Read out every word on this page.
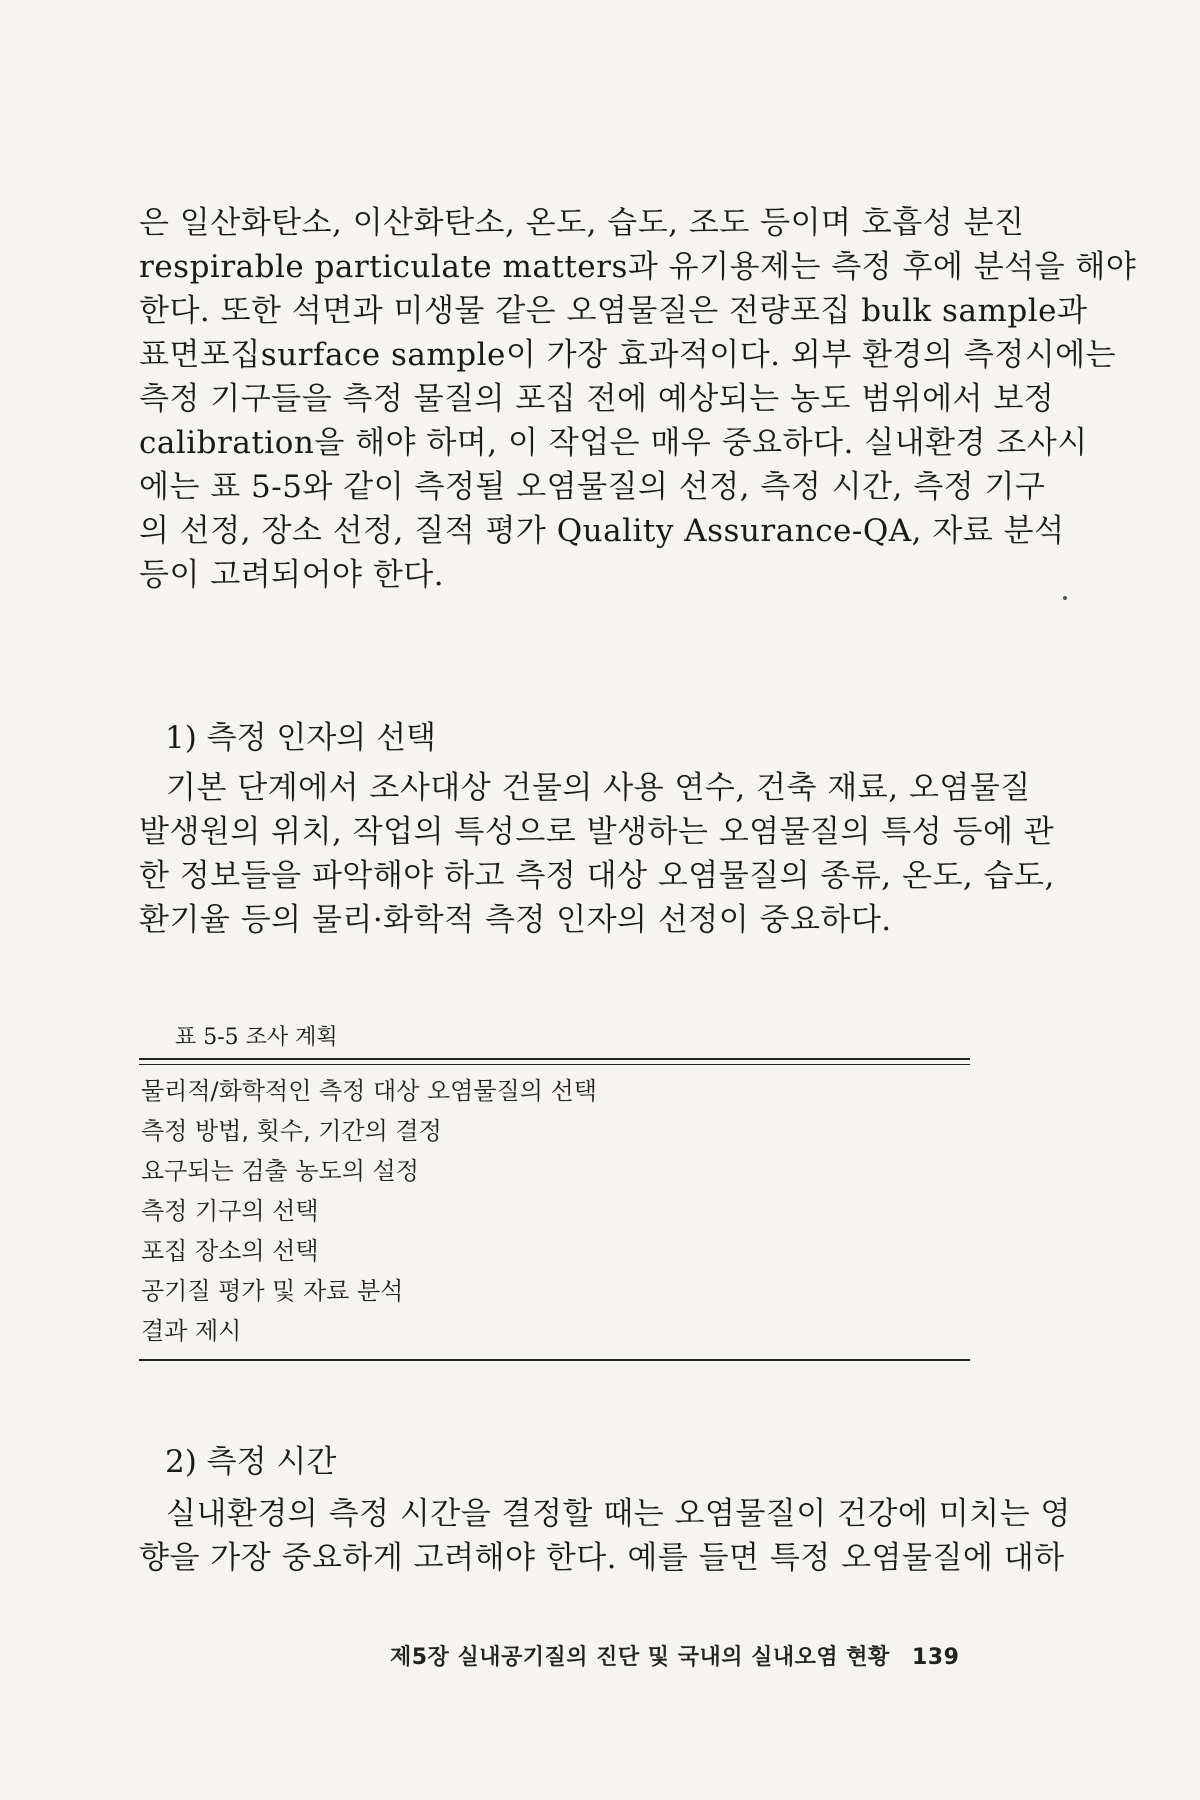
은 일산화탄소, 이산화탄소, 온도, 습도, 조도 등이며 호흡성 분진
respirable particulate matters과 유기용제는 측정 후에 분석을 해야
한다. 또한 석면과 미생물 같은 오염물질은 전량포집 bulk sample과
표면포집surface sample이 가장 효과적이다. 외부 환경의 측정시에는
측정 기구들을 측정 물질의 포집 전에 예상되는 농도 범위에서 보정
calibration을 해야 하며, 이 작업은 매우 중요하다. 실내환경 조사시
에는 표 5-5와 같이 측정될 오염물질의 선정, 측정 시간, 측정 기구
의 선정, 장소 선정, 질적 평가 Quality Assurance-QA, 자료 분석
등이 고려되어야 한다.
1) 측정 인자의 선택
기본 단계에서 조사대상 건물의 사용 연수, 건축 재료, 오염물질
발생원의 위치, 작업의 특성으로 발생하는 오염물질의 특성 등에 관
한 정보들을 파악해야 하고 측정 대상 오염물질의 종류, 온도, 습도,
환기율 등의 물리·화학적 측정 인자의 선정이 중요하다.
표 5-5 조사 계획
물리적/화학적인 측정 대상 오염물질의 선택
측정 방법, 횟수, 기간의 결정
요구되는 검출 농도의 설정
측정 기구의 선택
포집 장소의 선택
공기질 평가 및 자료 분석
결과 제시
2) 측정 시간
실내환경의 측정 시간을 결정할 때는 오염물질이 건강에 미치는 영
향을 가장 중요하게 고려해야 한다. 예를 들면 특정 오염물질에 대하
제5장 실내공기질의 진단 및 국내의 실내오염 현황 139
